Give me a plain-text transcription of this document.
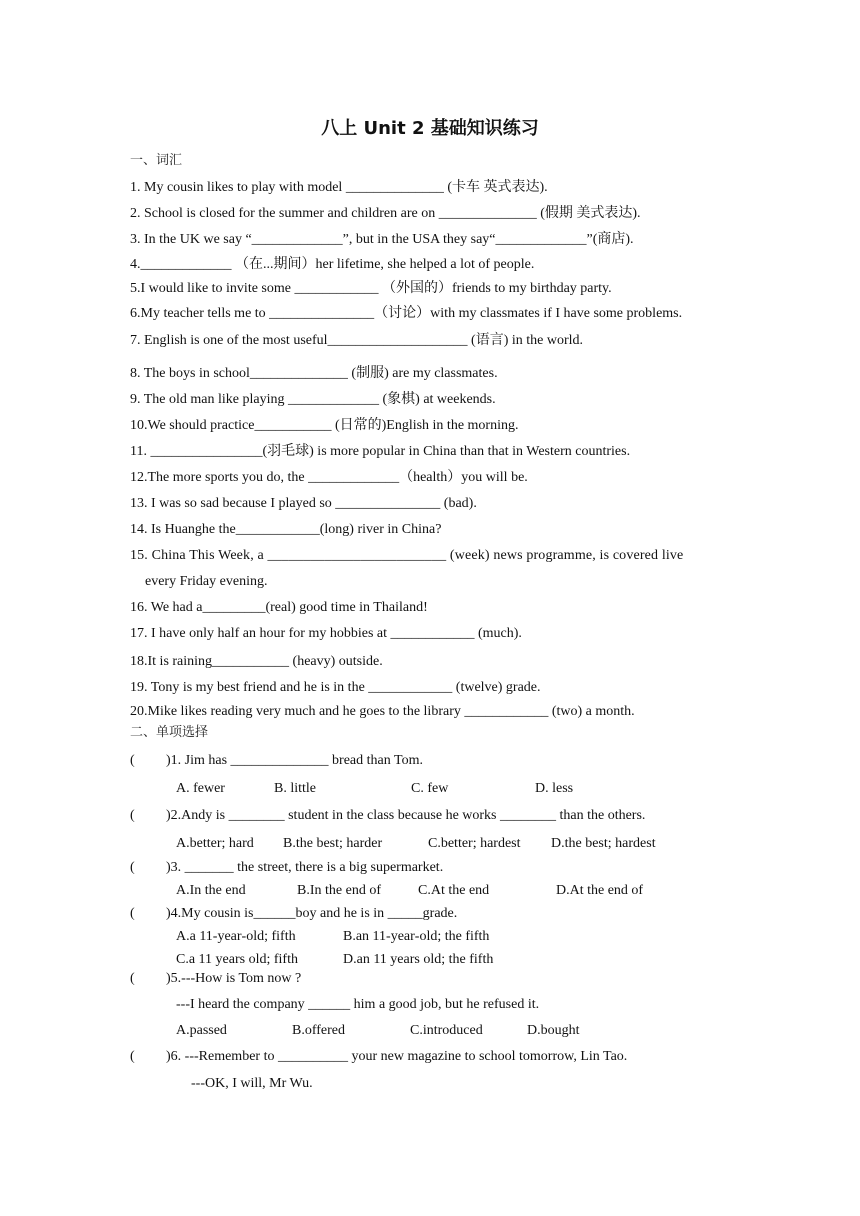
八上 Unit 2 基础知识练习
一、词汇
1. My cousin likes to play with model ______________ (卡车 英式表达).
2. School is closed for the summer and children are on ______________ (假期 美式表达).
3. In the UK we say “_____________”, but in the USA they say“_____________”(商店).
4._____________ （在...期间）her lifetime, she helped a lot of people.
5.I would like to invite some ____________ （外国的）friends to my birthday party.
6.My teacher tells me to _______________（讨论）with my classmates if I have some problems.
7. English is one of the most useful____________________ (语言) in the world.
8. The boys in school______________ (制服) are my classmates.
9. The old man like playing _____________ (象棋) at weekends.
10.We should practice___________ (日常的)English in the morning.
11. ________________(羽毛球) is more popular in China than that in Western countries.
12.The more sports you do, the _____________（health）you will be.
13. I was so sad because I played so _______________ (bad).
14. Is Huanghe the____________(long) river in China?
15. China This Week, a _________________________ (week) news programme, is covered live
every Friday evening.
16. We had a_________(real) good time in Thailand!
17. I have only half an hour for my hobbies at ____________ (much).
18.It is raining___________ (heavy) outside.
19. Tony is my best friend and he is in the ____________ (twelve) grade.
20.Mike likes reading very much and he goes to the library ____________ (two) a month.
二、单项选择
( )1. Jim has ______________ bread than Tom.
A. fewer	B. little	C. few	D. less
( )2.Andy is ________ student in the class because he works ________ than the others.
A.better; hard B.the best; harder	C.better; hardest D.the best; hardest
( )3. _______ the street, there is a big supermarket.
A.In the end	B.In the end of	C.At the end	D.At the end of
( )4.My cousin is______boy and he is in _____grade.
A.a 11‐year‐old; fifth	B.an 11‐year‐old; the fifth
C.a 11 years old; fifth	D.an 11 years old; the fifth
( )5.---How is Tom now ?
---I heard the company ______ him a good job, but he refused it.
A.passed	B.offered	C.introduced	D.bought
( )6. ---Remember to __________ your new magazine to school tomorrow, Lin Tao.
---OK, I will, Mr Wu.
